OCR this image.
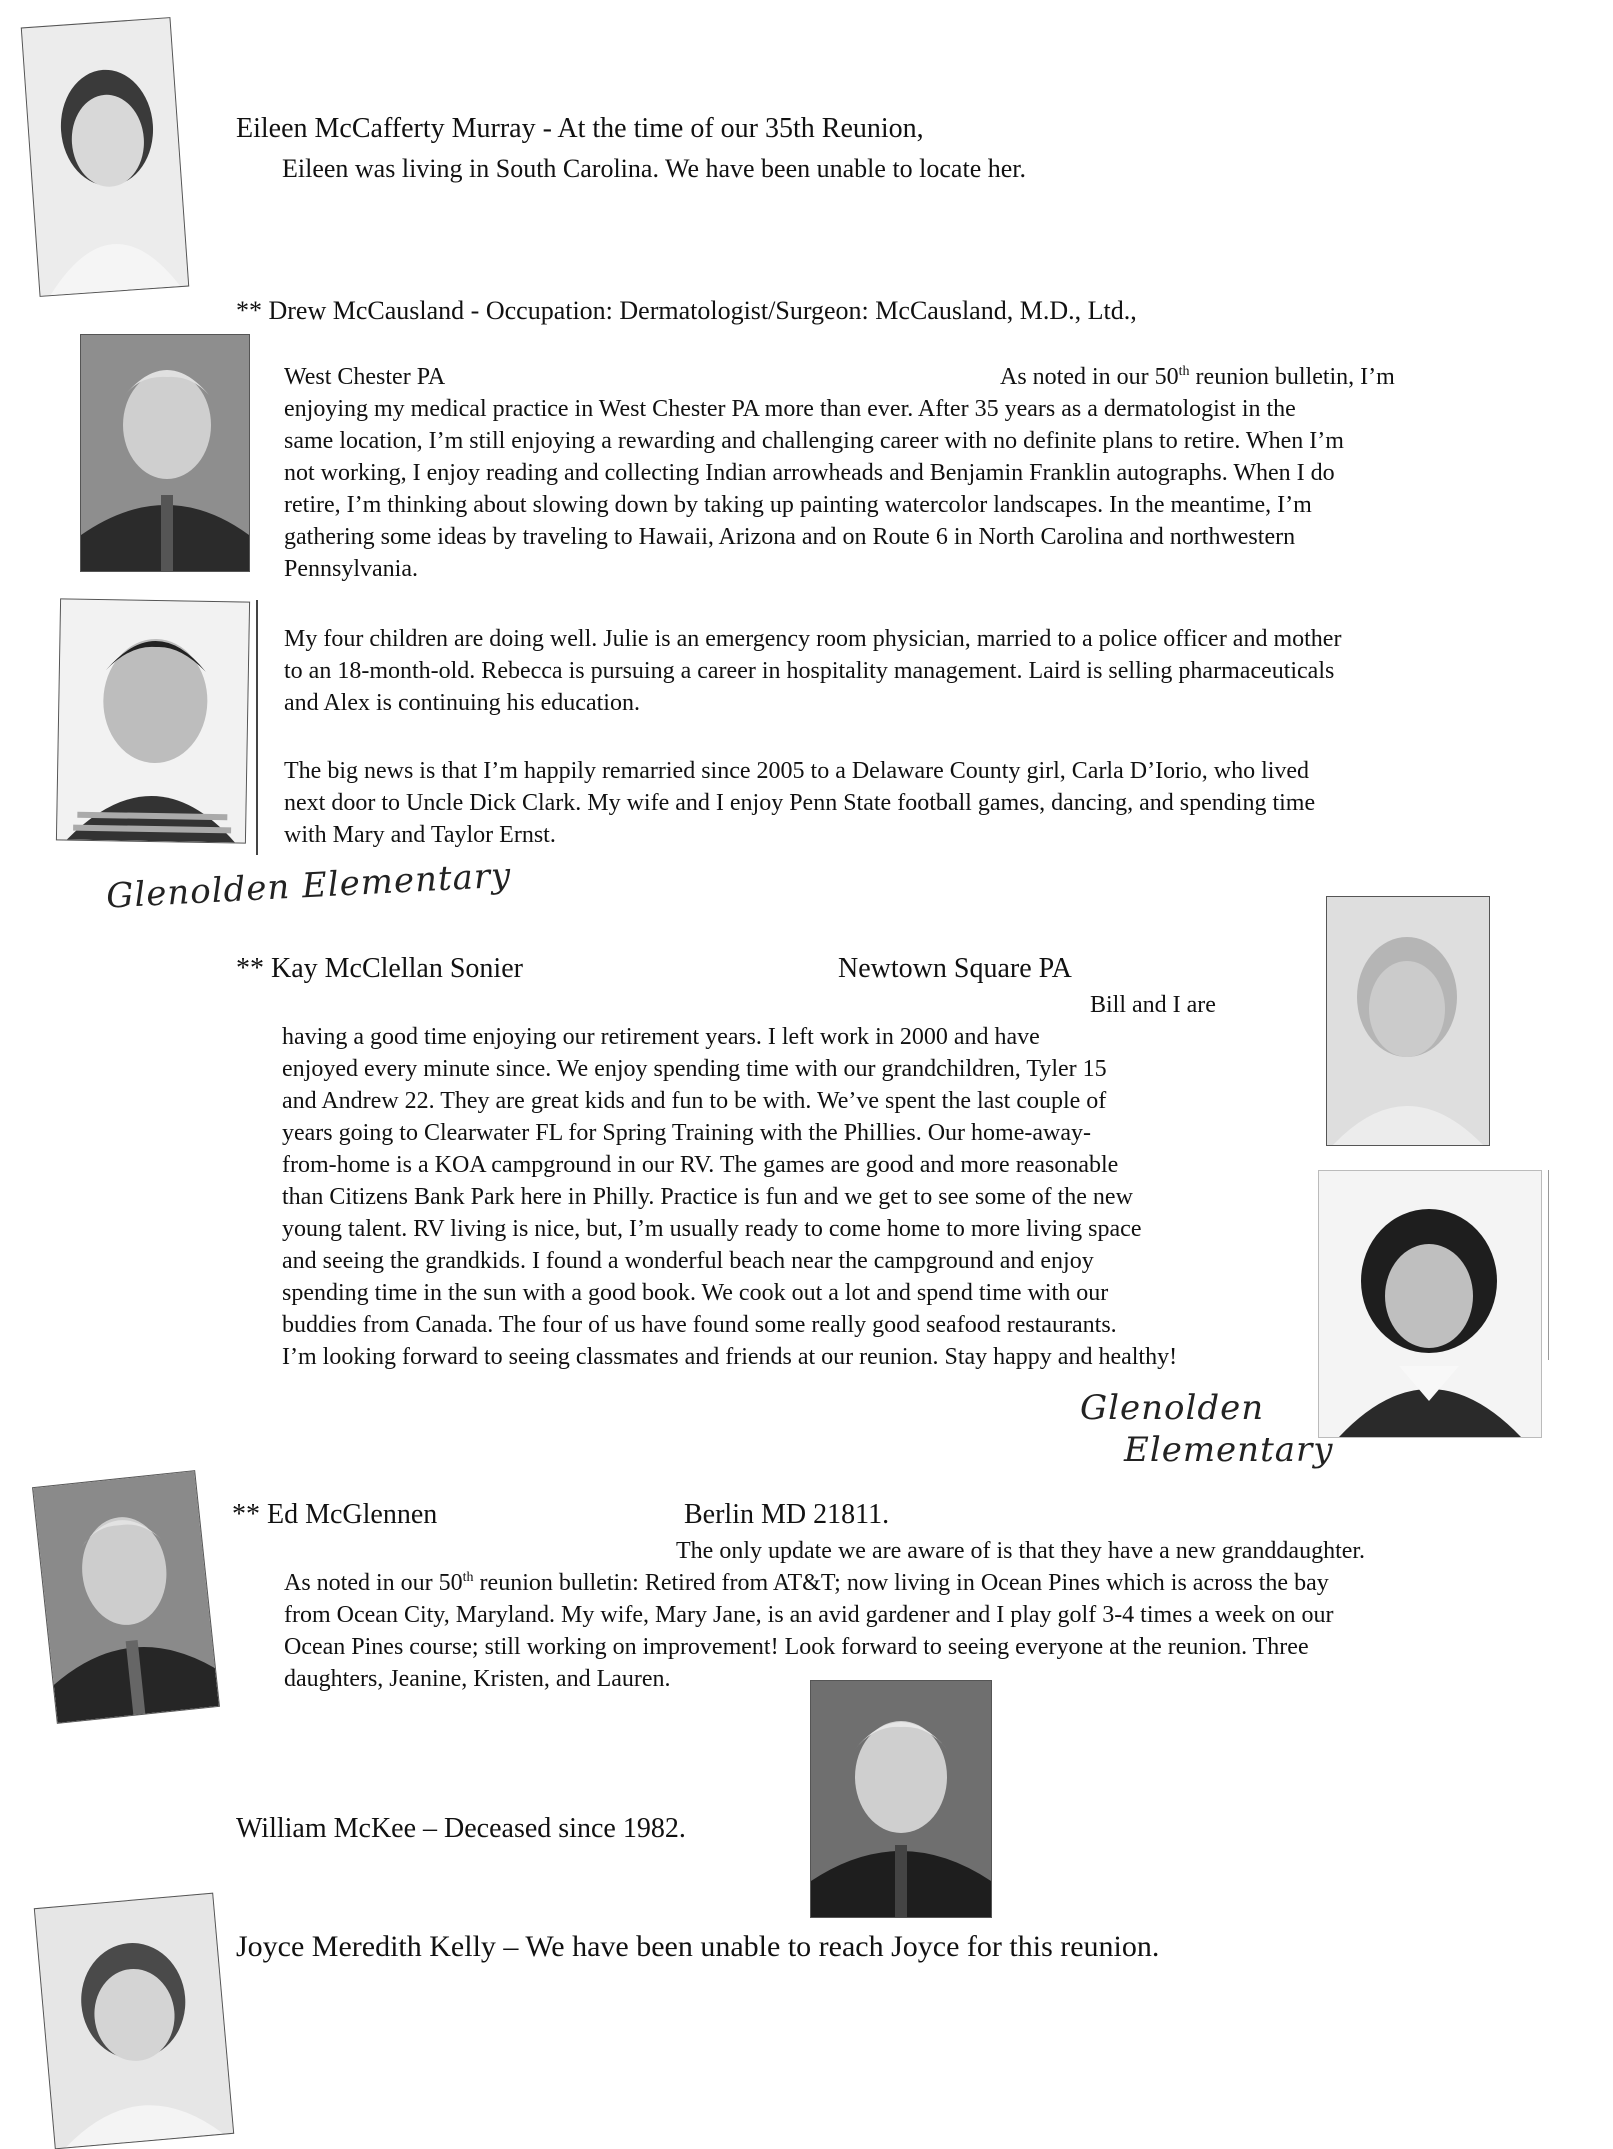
Eileen McCafferty Murray - At the time of our 35th Reunion,
Eileen was living in South Carolina. We have been unable to locate her.
** Drew McCausland - Occupation: Dermatologist/Surgeon: McCausland, M.D., Ltd.,
West Chester PA	As noted in our 50th reunion bulletin, I’m
enjoying my medical practice in West Chester PA more than ever. After 35 years as a dermatologist in the
same location, I’m still enjoying a rewarding and challenging career with no definite plans to retire. When I’m
not working, I enjoy reading and collecting Indian arrowheads and Benjamin Franklin autographs. When I do
retire, I’m thinking about slowing down by taking up painting watercolor landscapes. In the meantime, I’m
gathering some ideas by traveling to Hawaii, Arizona and on Route 6 in North Carolina and northwestern
Pennsylvania.
My four children are doing well. Julie is an emergency room physician, married to a police officer and mother
to an 18-month-old. Rebecca is pursuing a career in hospitality management. Laird is selling pharmaceuticals
and Alex is continuing his education.
The big news is that I’m happily remarried since 2005 to a Delaware County girl, Carla D’Iorio, who lived
next door to Uncle Dick Clark. My wife and I enjoy Penn State football games, dancing, and spending time
with Mary and Taylor Ernst.
Glenolden Elementary
** Kay McClellan Sonier	Newtown Square PA
Bill and I are
having a good time enjoying our retirement years. I left work in 2000 and have
enjoyed every minute since. We enjoy spending time with our grandchildren, Tyler 15
and Andrew 22. They are great kids and fun to be with. We’ve spent the last couple of
years going to Clearwater FL for Spring Training with the Phillies. Our home-away-
from-home is a KOA campground in our RV. The games are good and more reasonable
than Citizens Bank Park here in Philly. Practice is fun and we get to see some of the new
young talent. RV living is nice, but, I’m usually ready to come home to more living space
and seeing the grandkids. I found a wonderful beach near the campground and enjoy
spending time in the sun with a good book. We cook out a lot and spend time with our
buddies from Canada. The four of us have found some really good seafood restaurants.
I’m looking forward to seeing classmates and friends at our reunion. Stay happy and healthy!
Glenolden
Elementary
** Ed McGlennen	Berlin MD 21811.
The only update we are aware of is that they have a new granddaughter.
As noted in our 50th reunion bulletin: Retired from AT&T; now living in Ocean Pines which is across the bay
from Ocean City, Maryland. My wife, Mary Jane, is an avid gardener and I play golf 3-4 times a week on our
Ocean Pines course; still working on improvement! Look forward to seeing everyone at the reunion. Three
daughters, Jeanine, Kristen, and Lauren.
William McKee – Deceased since 1982.
Joyce Meredith Kelly – We have been unable to reach Joyce for this reunion.
